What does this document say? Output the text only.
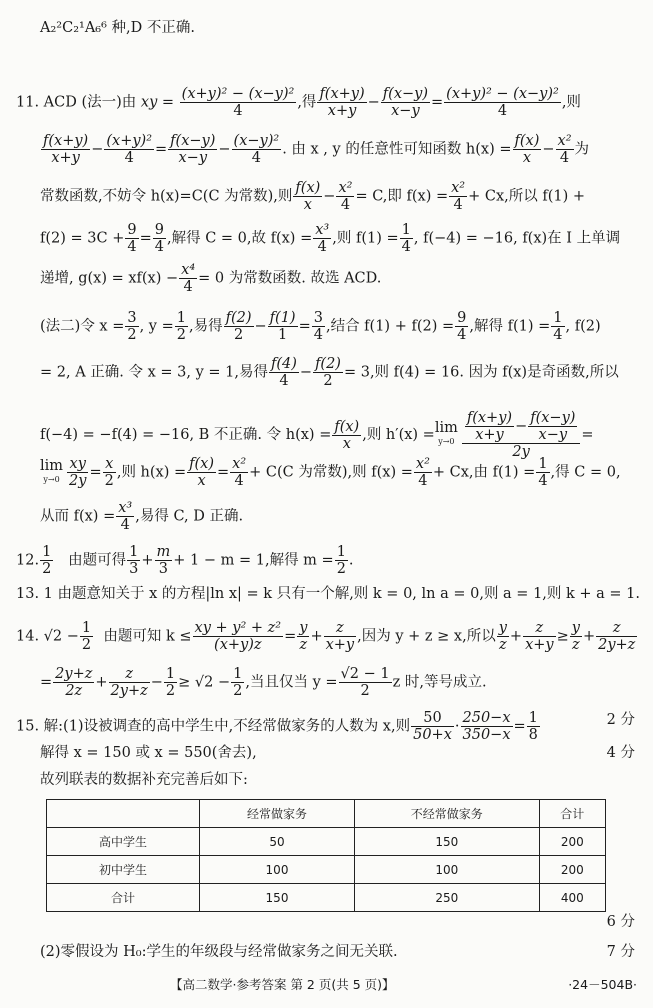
A₂²C₂¹A₆⁶ 种,D 不正确.
11. ACD (法一)由 xy = $\frac{\text{(x+y)² − (x−y)²}}{4}$ ,得 $\frac{f(x+y)}{x+y} - \frac{f(x-y)}{x-y} = \frac{\text{(x+y)² − (x−y)²}}{4}$ ,则
$\frac{f(x+y)}{x+y} - \frac{\text{(x+y)²}}{4} = \frac{f(x-y)}{x-y} - \frac{\text{(x−y)²}}{4}$ . 由 x , y 的任意性可知函数 $h(x) = \frac{f(x)}{x} - \frac{\text{x²}}{4}$ 为
常数函数,不妨令 h(x)=C(C 为常数),则 $\frac{f(x)}{x} - \frac{\text{x²}}{4} = C$,即 $f(x) = \frac{\text{x²}}{4} + Cx$,所以 f(1) +
$f(2) = 3C + \frac{9}{4} = \frac{9}{4}$ ,解得 C = 0,故 $f(x) = \frac{\text{x³}}{4}$ ,则 $f(1) = \frac{1}{4}$ , f(−4) = −16, f(x)在 I 上单调
递增, $g(x) = xf(x) - \frac{\text{x⁴}}{4} = 0$ 为常数函数. 故选 ACD.
(法二)令 $x = \frac{3}{2}$ , $y = \frac{1}{2}$ ,易得 $\frac{f(2)}{2} - \frac{f(1)}{1} = \frac{3}{4}$ ,结合 $f(1) + f(2) = \frac{9}{4}$ ,解得 $f(1) = \frac{1}{4}$ , f(2)
= 2, A 正确. 令 x = 3, y = 1,易得 $\frac{f(4)}{4} - \frac{f(2)}{2} = 3$,则 f(4) = 16. 因为 f(x)是奇函数,所以
f(−4) = −f(4) = −16, B 不正确. 令 $h(x) = \frac{f(x)}{x}$ ,则 h′(x) =lim
$y\to 0 \frac{\frac{f(x+y)}{x+y} - \frac{f(x-y)}{x-y}}{2y}$ =
lim
$y\to 0 \frac{xy}{2y} = \frac{x}{2}$ ,则 $h(x) = \frac{f(x)}{x} = \frac{\text{x²}}{4} + C(C$ 为常数),则 $f(x) = \frac{\text{x²}}{4} + Cx$,由 $f(1) = \frac{1}{4}$ ,得 C = 0,
从而 $f(x) = \frac{\text{x³}}{4}$ ,易得 C, D 正确.
12. $\frac{1}{2}$ 由题可得 $\frac{1}{3} + \frac{m}{3} + 1 - m = 1$,解得 $m = \frac{1}{2}$ .
13. 1 由题意知关于 x 的方程|ln x| = k 只有一个解,则 k = 0, ln a = 0,则 a = 1,则 k + a = 1.
14. $√2 - \frac{1}{2}$ 由题可知 $k \le \frac{\text{xy + y² + z²}}{(x+y)z} = \frac{y}{z} + \frac{z}{x+y}$ ,因为 y + z ≥ x,所以 $\frac{y}{z} + \frac{z}{x+y} \ge \frac{y}{z} + \frac{z}{2y+z}$
= $\frac{2y+z}{2z} + \frac{z}{2y+z} - \frac{1}{2} \ge √2 - \frac{1}{2}$ ,当且仅当 $y = \frac{√2 - 1}{2}$ z 时,等号成立.
15. 解:(1)设被调查的高中学生中,不经常做家务的人数为 x,则 $\frac{50}{50+x} \cdot \frac{250-x}{350-x} = \frac{1}{8}$	2 分
解得 x = 150 或 x = 550(舍去),	4 分
故列联表的数据补充完善后如下:
	经常做家务	不经常做家务	合计
高中学生	50	150	200
初中学生	100	100	200
合计	150	250	400
6 分
(2)零假设为 H₀:学生的年级段与经常做家务之间无关联.	7 分
【高二数学·参考答案 第 2 页(共 5 页)】	·24－504B·
